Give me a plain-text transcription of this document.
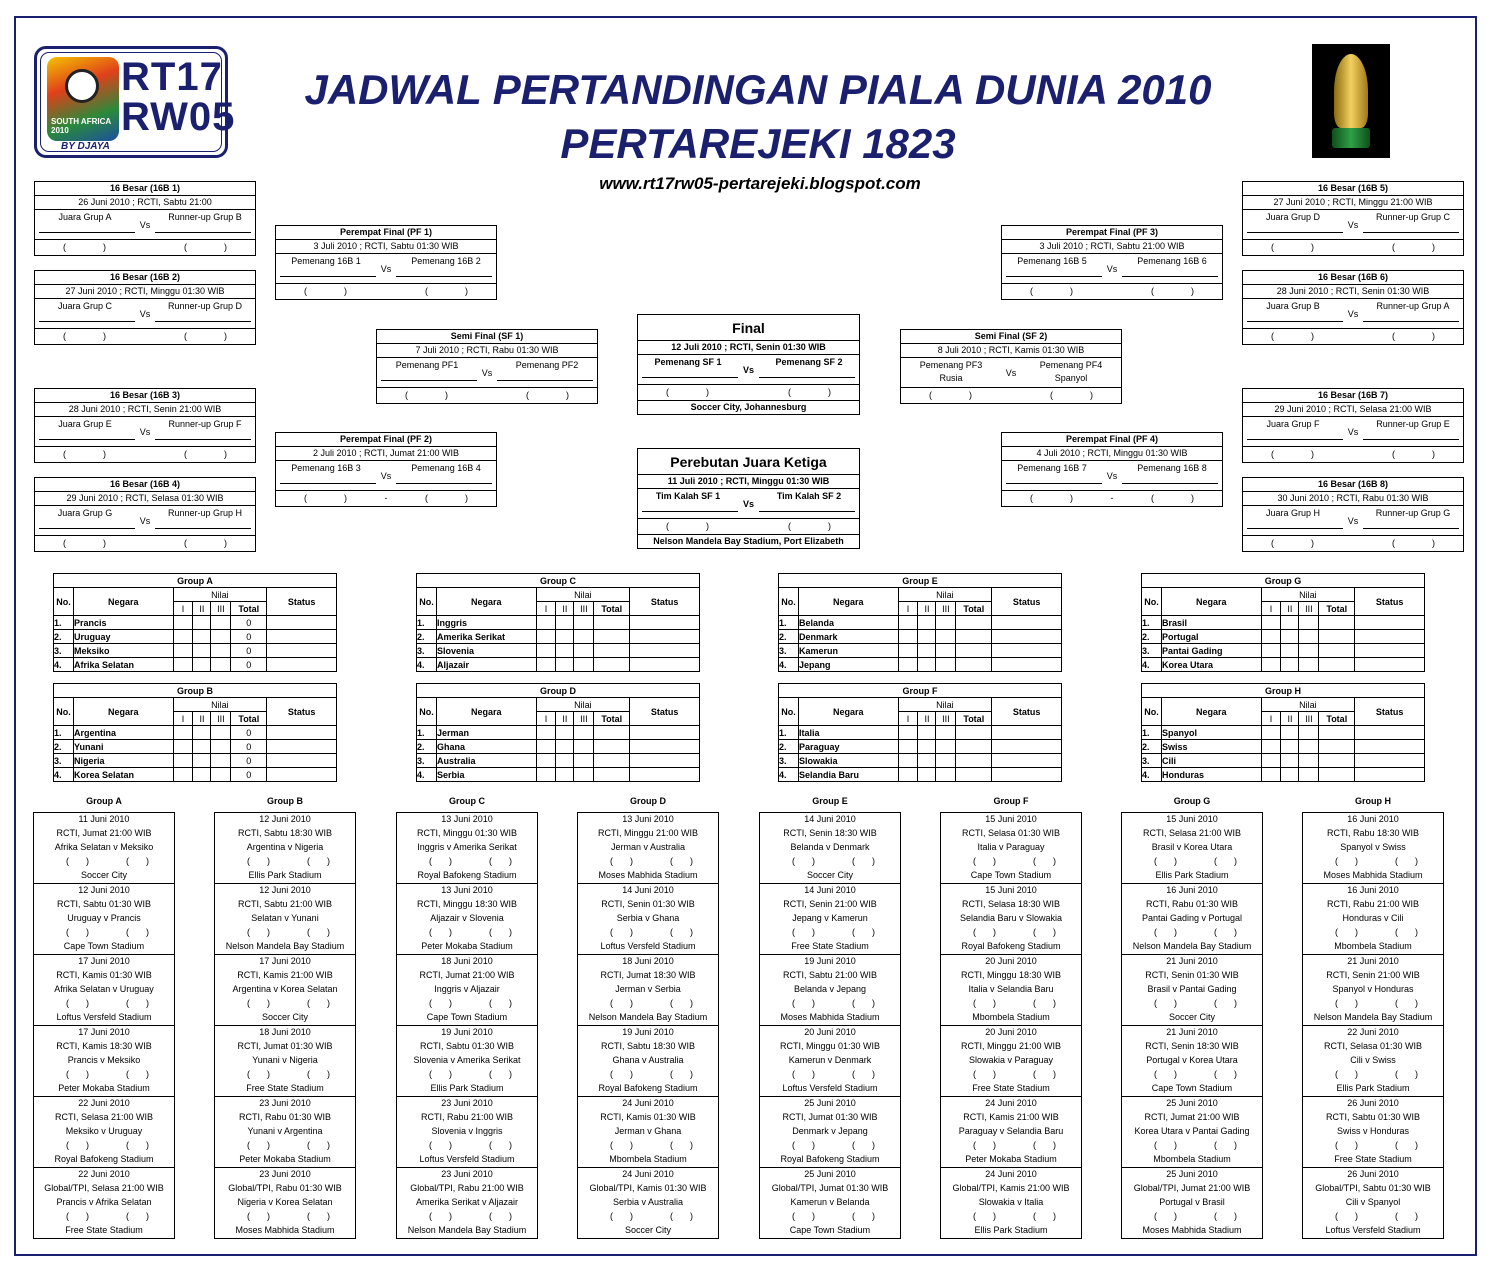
SOUTH AFRICA 2010
RT17
RW05
BY DJAYA
JADWAL PERTANDINGAN PIALA DUNIA 2010
PERTAREJEKI 1823
www.rt17rw05-pertarejeki.blogspot.com
16 Besar (16B 1)
26 Juni 2010 ; RCTI, Sabtu 21:00
Juara Grup A	Runner-up Grup B
Vs
(	)	(	)
16 Besar (16B 2)
27 Juni 2010 ; RCTI, Minggu 01:30 WIB
Juara Grup C	Runner-up Grup D
Vs
(	)	(	)
16 Besar (16B 3)
28 Juni 2010 ; RCTI, Senin 21:00 WIB
Juara Grup E	Runner-up Grup F
Vs
(	)	(	)
16 Besar (16B 4)
29 Juni 2010 ; RCTI, Selasa 01:30 WIB
Juara Grup G	Runner-up Grup H
Vs
(	)	(	)
16 Besar (16B 5)
27 Juni 2010 ; RCTI, Minggu 21:00 WIB
Juara Grup D	Runner-up Grup C
Vs
(	)	(	)
16 Besar (16B 6)
28 Juni 2010 ; RCTI, Senin 01:30 WIB
Juara Grup B	Runner-up Grup A
Vs
(	)	(	)
16 Besar (16B 7)
29 Juni 2010 ; RCTI, Selasa 21:00 WIB
Juara Grup F	Runner-up Grup E
Vs
(	)	(	)
16 Besar (16B 8)
30 Juni 2010 ; RCTI, Rabu 01:30 WIB
Juara Grup H	Runner-up Grup G
Vs
(	)	(	)
Perempat Final (PF 1)
3 Juli 2010 ; RCTI, Sabtu 01:30 WIB
Pemenang 16B 1	Pemenang 16B 2
Vs
(	)	(	)
Perempat Final (PF 2)
2 Juli 2010 ; RCTI, Jumat 21:00 WIB
Pemenang 16B 3	Pemenang 16B 4
Vs
(	)	-	(	)
Perempat Final (PF 3)
3 Juli 2010 ; RCTI, Sabtu 21:00 WIB
Pemenang 16B 5	Pemenang 16B 6
Vs
(	)	(	)
Perempat Final (PF 4)
4 Juli 2010 ; RCTI, Minggu 01:30 WIB
Pemenang 16B 7	Pemenang 16B 8
Vs
(	)	-	(	)
Semi Final (SF 1)
7 Juli 2010 ; RCTI, Rabu 01:30 WIB
Pemenang PF1	Pemenang PF2
Vs
(	)	(	)
Semi Final (SF 2)
8 Juli 2010 ; RCTI, Kamis 01:30 WIB
Pemenang PF3	Pemenang PF4
Vs
Rusia	Spanyol
(	)	(	)
Final
12 Juli 2010 ; RCTI, Senin 01:30 WIB
Pemenang SF 1	Pemenang SF 2
Vs
(	)	(	)
Soccer City, Johannesburg
Perebutan Juara Ketiga
11 Juli 2010 ; RCTI, Minggu 01:30 WIB
Tim Kalah SF 1	Tim Kalah SF 2
Vs
(	)	(	)
Nelson Mandela Bay Stadium, Port Elizabeth
Group A						
No.	Negara	Nilai				Status
		I	II	III	Total	
1.	Prancis				0	
2.	Uruguay				0	
3.	Meksiko				0	
4.	Afrika Selatan				0	
Group C						
No.	Negara	Nilai				Status
		I	II	III	Total	
1.	Inggris					
2.	Amerika Serikat					
3.	Slovenia					
4.	Aljazair					
Group E						
No.	Negara	Nilai				Status
		I	II	III	Total	
1.	Belanda					
2.	Denmark					
3.	Kamerun					
4.	Jepang					
Group G						
No.	Negara	Nilai				Status
		I	II	III	Total	
1.	Brasil					
2.	Portugal					
3.	Pantai Gading					
4.	Korea Utara					
Group B						
No.	Negara	Nilai				Status
		I	II	III	Total	
1.	Argentina				0	
2.	Yunani				0	
3.	Nigeria				0	
4.	Korea Selatan				0	
Group D						
No.	Negara	Nilai				Status
		I	II	III	Total	
1.	Jerman					
2.	Ghana					
3.	Australia					
4.	Serbia					
Group F						
No.	Negara	Nilai				Status
		I	II	III	Total	
1.	Italia					
2.	Paraguay					
3.	Slowakia					
4.	Selandia Baru					
Group H						
No.	Negara	Nilai				Status
		I	II	III	Total	
1.	Spanyol					
2.	Swiss					
3.	Cili					
4.	Honduras					
Group A
11 Juni 2010
RCTI, Jumat 21:00 WIB
Afrika Selatan v Meksiko
( )	( )
Soccer City
12 Juni 2010
RCTI, Sabtu 01:30 WIB
Uruguay v Prancis
( )	( )
Cape Town Stadium
17 Juni 2010
RCTI, Kamis 01:30 WIB
Afrika Selatan v Uruguay
( )	( )
Loftus Versfeld Stadium
17 Juni 2010
RCTI, Kamis 18:30 WIB
Prancis v Meksiko
( )	( )
Peter Mokaba Stadium
22 Juni 2010
RCTI, Selasa 21:00 WIB
Meksiko v Uruguay
( )	( )
Royal Bafokeng Stadium
22 Juni 2010
Global/TPI, Selasa 21:00 WIB
Prancis v Afrika Selatan
( )	( )
Free State Stadium
Group B
12 Juni 2010
RCTI, Sabtu 18:30 WIB
Argentina v Nigeria
( )	( )
Ellis Park Stadium
12 Juni 2010
RCTI, Sabtu 21:00 WIB
Selatan v Yunani
( )	( )
Nelson Mandela Bay Stadium
17 Juni 2010
RCTI, Kamis 21:00 WIB
Argentina v Korea Selatan
( )	( )
Soccer City
18 Juni 2010
RCTI, Jumat 01:30 WIB
Yunani v Nigeria
( )	( )
Free State Stadium
23 Juni 2010
RCTI, Rabu 01:30 WIB
Yunani v Argentina
( )	( )
Peter Mokaba Stadium
23 Juni 2010
Global/TPI, Rabu 01:30 WIB
Nigeria v Korea Selatan
( )	( )
Moses Mabhida Stadium
Group C
13 Juni 2010
RCTI, Minggu 01:30 WIB
Inggris v Amerika Serikat
( )	( )
Royal Bafokeng Stadium
13 Juni 2010
RCTI, Minggu 18:30 WIB
Aljazair v Slovenia
( )	( )
Peter Mokaba Stadium
18 Juni 2010
RCTI, Jumat 21:00 WIB
Inggris v Aljazair
( )	( )
Cape Town Stadium
19 Juni 2010
RCTI, Sabtu 01:30 WIB
Slovenia v Amerika Serikat
( )	( )
Ellis Park Stadium
23 Juni 2010
RCTI, Rabu 21:00 WIB
Slovenia v Inggris
( )	( )
Loftus Versfeld Stadium
23 Juni 2010
Global/TPI, Rabu 21:00 WIB
Amerika Serikat v Aljazair
( )	( )
Nelson Mandela Bay Stadium
Group D
13 Juni 2010
RCTI, Minggu 21:00 WIB
Jerman v Australia
( )	( )
Moses Mabhida Stadium
14 Juni 2010
RCTI, Senin 01:30 WIB
Serbia v Ghana
( )	( )
Loftus Versfeld Stadium
18 Juni 2010
RCTI, Jumat 18:30 WIB
Jerman v Serbia
( )	( )
Nelson Mandela Bay Stadium
19 Juni 2010
RCTI, Sabtu 18:30 WIB
Ghana v Australia
( )	( )
Royal Bafokeng Stadium
24 Juni 2010
RCTI, Kamis 01:30 WIB
Jerman v Ghana
( )	( )
Mbombela Stadium
24 Juni 2010
Global/TPI, Kamis 01:30 WIB
Serbia v Australia
( )	( )
Soccer City
Group E
14 Juni 2010
RCTI, Senin 18:30 WIB
Belanda v Denmark
( )	( )
Soccer City
14 Juni 2010
RCTI, Senin 21:00 WIB
Jepang v Kamerun
( )	( )
Free State Stadium
19 Juni 2010
RCTI, Sabtu 21:00 WIB
Belanda v Jepang
( )	( )
Moses Mabhida Stadium
20 Juni 2010
RCTI, Minggu 01:30 WIB
Kamerun v Denmark
( )	( )
Loftus Versfeld Stadium
25 Juni 2010
RCTI, Jumat 01:30 WIB
Denmark v Jepang
( )	( )
Royal Bafokeng Stadium
25 Juni 2010
Global/TPI, Jumat 01:30 WIB
Kamerun v Belanda
( )	( )
Cape Town Stadium
Group F
15 Juni 2010
RCTI, Selasa 01:30 WIB
Italia v Paraguay
( )	( )
Cape Town Stadium
15 Juni 2010
RCTI, Selasa 18:30 WIB
Selandia Baru v Slowakia
( )	( )
Royal Bafokeng Stadium
20 Juni 2010
RCTI, Minggu 18:30 WIB
Italia v Selandia Baru
( )	( )
Mbombela Stadium
20 Juni 2010
RCTI, Minggu 21:00 WIB
Slowakia v Paraguay
( )	( )
Free State Stadium
24 Juni 2010
RCTI, Kamis 21:00 WIB
Paraguay v Selandia Baru
( )	( )
Peter Mokaba Stadium
24 Juni 2010
Global/TPI, Kamis 21:00 WIB
Slowakia v Italia
( )	( )
Ellis Park Stadium
Group G
15 Juni 2010
RCTI, Selasa 21:00 WIB
Brasil v Korea Utara
( )	( )
Ellis Park Stadium
16 Juni 2010
RCTI, Rabu 01:30 WIB
Pantai Gading v Portugal
( )	( )
Nelson Mandela Bay Stadium
21 Juni 2010
RCTI, Senin 01:30 WIB
Brasil v Pantai Gading
( )	( )
Soccer City
21 Juni 2010
RCTI, Senin 18:30 WIB
Portugal v Korea Utara
( )	( )
Cape Town Stadium
25 Juni 2010
RCTI, Jumat 21:00 WIB
Korea Utara v Pantai Gading
( )	( )
Mbombela Stadium
25 Juni 2010
Global/TPI, Jumat 21:00 WIB
Portugal v Brasil
( )	( )
Moses Mabhida Stadium
Group H
16 Juni 2010
RCTI, Rabu 18:30 WIB
Spanyol v Swiss
( )	( )
Moses Mabhida Stadium
16 Juni 2010
RCTI, Rabu 21:00 WIB
Honduras v Cili
( )	( )
Mbombela Stadium
21 Juni 2010
RCTI, Senin 21:00 WIB
Spanyol v Honduras
( )	( )
Nelson Mandela Bay Stadium
22 Juni 2010
RCTI, Selasa 01:30 WIB
Cili v Swiss
( )	( )
Ellis Park Stadium
26 Juni 2010
RCTI, Sabtu 01:30 WIB
Swiss v Honduras
( )	( )
Free State Stadium
26 Juni 2010
Global/TPI, Sabtu 01:30 WIB
Cili v Spanyol
( )	( )
Loftus Versfeld Stadium
